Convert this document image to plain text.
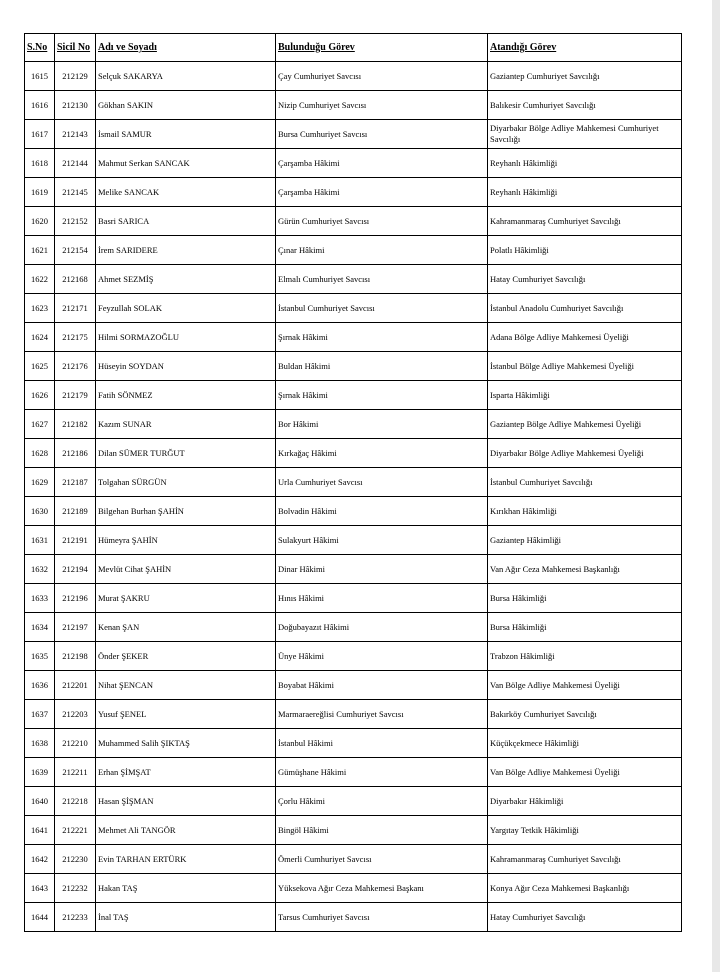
S.No	Sicil No	Adı ve Soyadı	Bulunduğu Görev	Atandığı Görev
1615	212129	Selçuk SAKARYA	Çay Cumhuriyet Savcısı	Gaziantep Cumhuriyet Savcılığı
1616	212130	Gökhan SAKIN	Nizip Cumhuriyet Savcısı	Balıkesir Cumhuriyet Savcılığı
1617	212143	İsmail SAMUR	Bursa Cumhuriyet Savcısı	Diyarbakır Bölge Adliye Mahkemesi Cumhuriyet Savcılığı
1618	212144	Mahmut Serkan SANCAK	Çarşamba Hâkimi	Reyhanlı Hâkimliği
1619	212145	Melike SANCAK	Çarşamba Hâkimi	Reyhanlı Hâkimliği
1620	212152	Basri SARICA	Gürün Cumhuriyet Savcısı	Kahramanmaraş Cumhuriyet Savcılığı
1621	212154	İrem SARIDERE	Çınar Hâkimi	Polatlı Hâkimliği
1622	212168	Ahmet SEZMİŞ	Elmalı Cumhuriyet Savcısı	Hatay Cumhuriyet Savcılığı
1623	212171	Feyzullah SOLAK	İstanbul Cumhuriyet Savcısı	İstanbul Anadolu Cumhuriyet Savcılığı
1624	212175	Hilmi SORMAZOĞLU	Şırnak Hâkimi	Adana Bölge Adliye Mahkemesi Üyeliği
1625	212176	Hüseyin SOYDAN	Buldan Hâkimi	İstanbul Bölge Adliye Mahkemesi Üyeliği
1626	212179	Fatih SÖNMEZ	Şırnak Hâkimi	Isparta Hâkimliği
1627	212182	Kazım SUNAR	Bor Hâkimi	Gaziantep Bölge Adliye Mahkemesi Üyeliği
1628	212186	Dilan SÜMER TURĞUT	Kırkağaç Hâkimi	Diyarbakır Bölge Adliye Mahkemesi Üyeliği
1629	212187	Tolgahan SÜRGÜN	Urla Cumhuriyet Savcısı	İstanbul Cumhuriyet Savcılığı
1630	212189	Bilgehan Burhan ŞAHİN	Bolvadin Hâkimi	Kırıkhan Hâkimliği
1631	212191	Hümeyra ŞAHİN	Sulakyurt Hâkimi	Gaziantep Hâkimliği
1632	212194	Mevlüt Cihat ŞAHİN	Dinar Hâkimi	Van Ağır Ceza Mahkemesi Başkanlığı
1633	212196	Murat ŞAKRU	Hınıs Hâkimi	Bursa Hâkimliği
1634	212197	Kenan ŞAN	Doğubayazıt Hâkimi	Bursa Hâkimliği
1635	212198	Önder ŞEKER	Ünye Hâkimi	Trabzon Hâkimliği
1636	212201	Nihat ŞENCAN	Boyabat Hâkimi	Van Bölge Adliye Mahkemesi Üyeliği
1637	212203	Yusuf ŞENEL	Marmaraereğlisi Cumhuriyet Savcısı	Bakırköy Cumhuriyet Savcılığı
1638	212210	Muhammed Salih ŞIKTAŞ	İstanbul Hâkimi	Küçükçekmece Hâkimliği
1639	212211	Erhan ŞİMŞAT	Gümüşhane Hâkimi	Van Bölge Adliye Mahkemesi Üyeliği
1640	212218	Hasan ŞİŞMAN	Çorlu Hâkimi	Diyarbakır Hâkimliği
1641	212221	Mehmet Ali TANGÖR	Bingöl Hâkimi	Yargıtay Tetkik Hâkimliği
1642	212230	Evin TARHAN ERTÜRK	Ömerli Cumhuriyet Savcısı	Kahramanmaraş Cumhuriyet Savcılığı
1643	212232	Hakan TAŞ	Yüksekova Ağır Ceza Mahkemesi Başkanı	Konya Ağır Ceza Mahkemesi Başkanlığı
1644	212233	İnal TAŞ	Tarsus Cumhuriyet Savcısı	Hatay Cumhuriyet Savcılığı
